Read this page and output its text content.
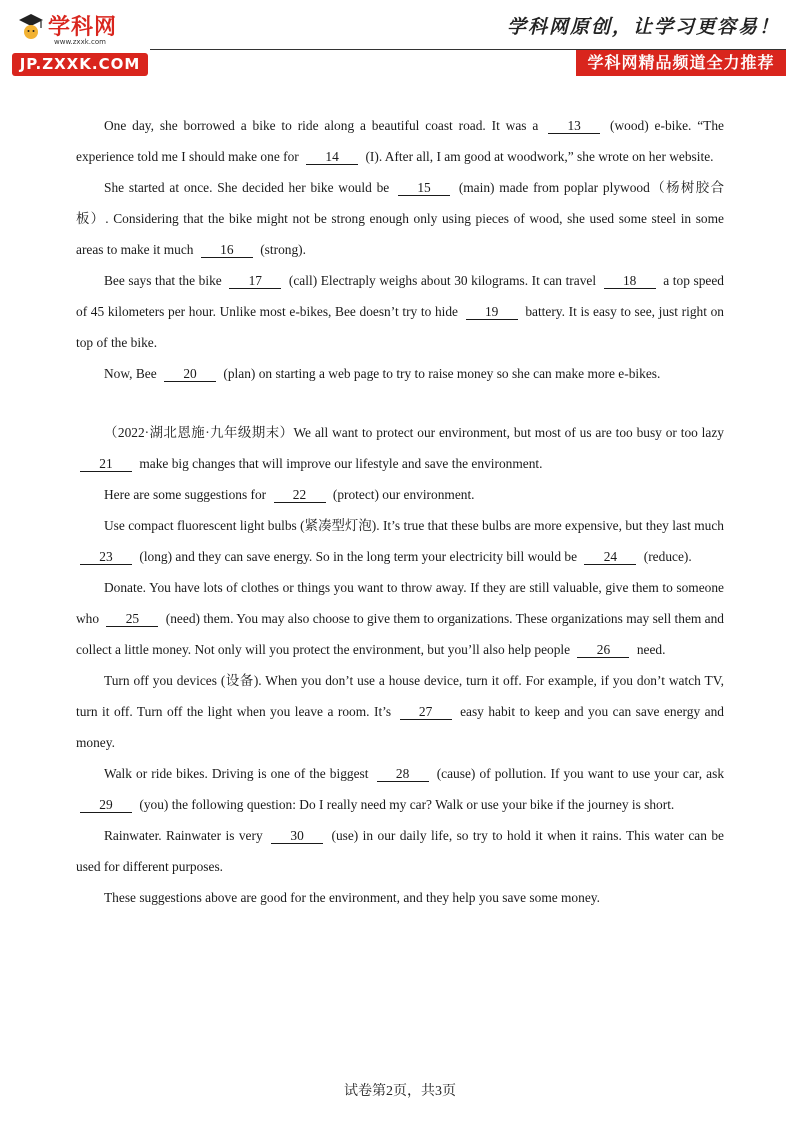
学科网
www.zxxk.com
JP.ZXXK.COM
学科网原创，让学习更容易！
学科网精品频道全力推荐

One day, she borrowed a bike to ride along a beautiful coast road. It was a 13 (wood) e-bike. “The experience told me I should make one for 14 (I). After all, I am good at woodwork,” she wrote on her website.

She started at once. She decided her bike would be 15 (main) made from poplar plywood（杨树胶合板）. Considering that the bike might not be strong enough only using pieces of wood, she used some steel in some areas to make it much 16 (strong).

Bee says that the bike 17 (call) Electraply weighs about 30 kilograms. It can travel 18 a top speed of 45 kilometers per hour. Unlike most e-bikes, Bee doesn’t try to hide 19 battery. It is easy to see, just right on top of the bike.

Now, Bee 20 (plan) on starting a web page to try to raise money so she can make more e-bikes.

（2022·湖北恩施·九年级期末）We all want to protect our environment, but most of us are too busy or too lazy 21 make big changes that will improve our lifestyle and save the environment.

Here are some suggestions for 22 (protect) our environment.

Use compact fluorescent light bulbs (紧凑型灯泡). It’s true that these bulbs are more expensive, but they last much 23 (long) and they can save energy. So in the long term your electricity bill would be 24 (reduce).

Donate. You have lots of clothes or things you want to throw away. If they are still valuable, give them to someone who 25 (need) them. You may also choose to give them to organizations. These organizations may sell them and collect a little money. Not only will you protect the environment, but you’ll also help people 26 need.

Turn off you devices (设备). When you don’t use a house device, turn it off. For example, if you don’t watch TV, turn it off. Turn off the light when you leave a room. It’s 27 easy habit to keep and you can save energy and money.

Walk or ride bikes. Driving is one of the biggest 28 (cause) of pollution. If you want to use your car, ask 29 (you) the following question: Do I really need my car? Walk or use your bike if the journey is short.

Rainwater. Rainwater is very 30 (use) in our daily life, so try to hold it when it rains. This water can be used for different purposes.

These suggestions above are good for the environment, and they help you save some money.

试卷第2页，共3页
